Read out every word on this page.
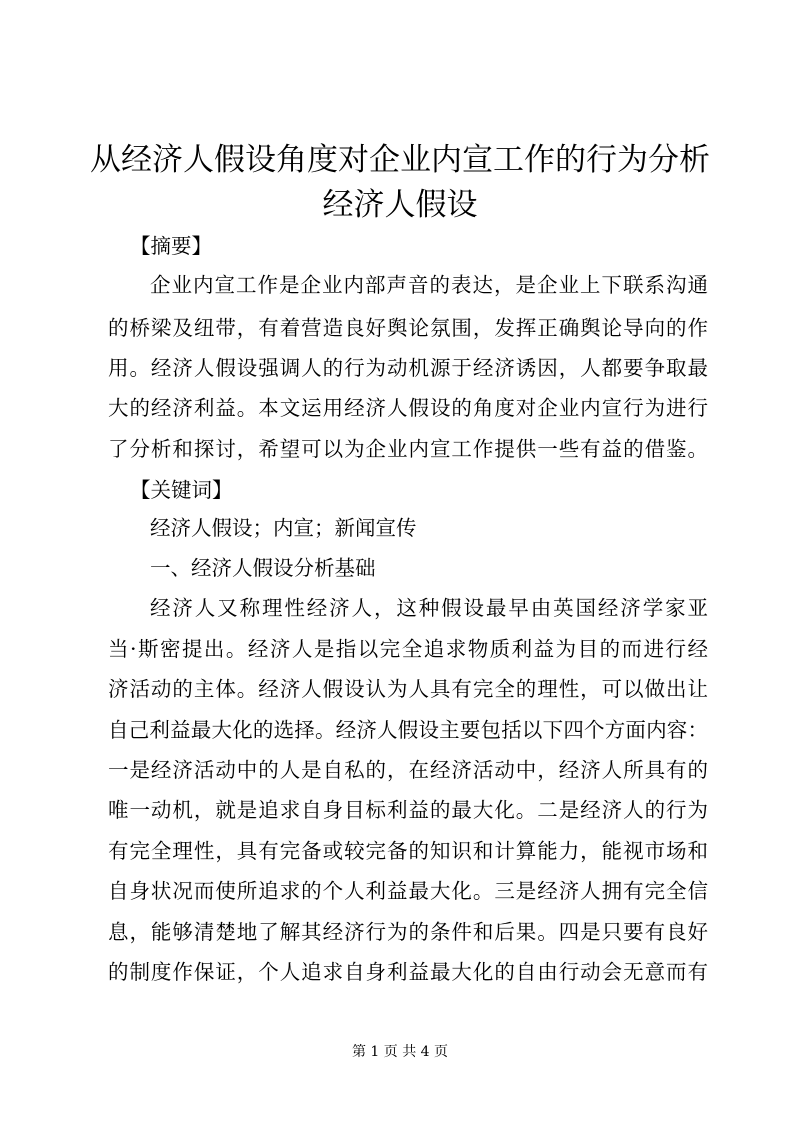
从经济人假设角度对企业内宣工作的行为分析
经济人假设
【摘要】
企业内宣工作是企业内部声音的表达，是企业上下联系沟通
的桥梁及纽带，有着营造良好舆论氛围，发挥正确舆论导向的作
用。经济人假设强调人的行为动机源于经济诱因，人都要争取最
大的经济利益。本文运用经济人假设的角度对企业内宣行为进行
了分析和探讨，希望可以为企业内宣工作提供一些有益的借鉴。
【关键词】
经济人假设；内宣；新闻宣传
一、经济人假设分析基础
经济人又称理性经济人，这种假设最早由英国经济学家亚
当·斯密提出。经济人是指以完全追求物质利益为目的而进行经
济活动的主体。经济人假设认为人具有完全的理性，可以做出让
自己利益最大化的选择。经济人假设主要包括以下四个方面内容：
一是经济活动中的人是自私的，在经济活动中，经济人所具有的
唯一动机，就是追求自身目标利益的最大化。二是经济人的行为
有完全理性，具有完备或较完备的知识和计算能力，能视市场和
自身状况而使所追求的个人利益最大化。三是经济人拥有完全信
息，能够清楚地了解其经济行为的条件和后果。四是只要有良好
的制度作保证，个人追求自身利益最大化的自由行动会无意而有
第 1 页 共 4 页
